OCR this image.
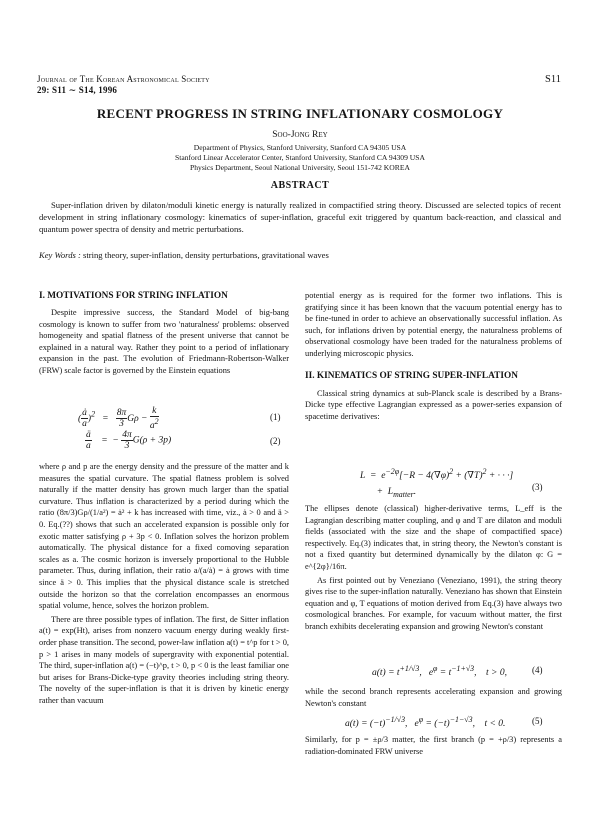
Journal of The Korean Astronomical Society
29: S11 ∼ S14, 1996
S11
RECENT PROGRESS IN STRING INFLATIONARY COSMOLOGY
Soo-Jong Rey
Department of Physics, Stanford University, Stanford CA 94305 USA
Stanford Linear Accelerator Center, Stanford University, Stanford CA 94309 USA
Physics Department, Seoul National University, Seoul 151-742 KOREA
ABSTRACT
Super-inflation driven by dilaton/moduli kinetic energy is naturally realized in compactified string theory. Discussed are selected topics of recent development in string inflationary cosmology: kinematics of super-inflation, graceful exit triggered by quantum back-reaction, and classical and quantum power spectra of density and metric perturbations.
Key Words : string theory, super-inflation, density perturbations, gravitational waves
I. MOTIVATIONS FOR STRING INFLATION

Despite impressive success, the Standard Model of big-bang cosmology is known to suffer from two 'naturalness' problems: observed homogeneity and spatial flatness of the present universe that cannot be explained in a natural way. Rather they point to a period of inflationary expansion in the past. The evolution of Friedmann-Robertson-Walker (FRW) scale factor is governed by the Einstein equations

( $\frac{ȧ}{a} )^2 = \frac{8\pi}{3}$ $G\rho - \frac{k}{a^2}$	(1)
$\frac{ä}{a}$ =  − $\frac{4\pi}{3} G(\rho + 3p)$	(2)

where ρ and p are the energy density and the pressure of the matter and k measures the spatial curvature. The spatial flatness problem is solved naturally if the matter density has grown much larger than the spatial curvature. Thus inflation is characterized by a period during which the ratio (8π/3)Gρ/(1/a²) = ȧ² + k has increased with time, viz., ȧ > 0 and ä > 0. Eq.(??) shows that such an accelerated expansion is possible only for exotic matter satisfying ρ + 3p < 0. Inflation solves the horizon problem automatically. The physical distance for a fixed comoving separation scales as a. The cosmic horizon is inversely proportional to the Hubble parameter. Thus, during inflation, their ratio a/(a/ȧ) = ȧ grows with time since ä > 0. This implies that the physical distance scale is stretched outside the horizon so that the correlation encompasses an enormous spatial volume, hence, solves the horizon problem.

There are three possible types of inflation. The first, de Sitter inflation a(t) = exp(Ht), arises from nonzero vacuum energy during weakly first-order phase transition. The second, power-law inflation a(t) = t^p for t > 0, p > 1 arises in many models of supergravity with exponential potential. The third, super-inflation a(t) = (−t)^p, t > 0, p < 0 is the least familiar one but arises for Brans-Dicke-type gravity theories including string theory. The novelty of the super-inflation is that it is driven by kinetic energy rather than vacuum

potential energy as is required for the former two inflations. This is gratifying since it has been known that the vacuum potential energy has to be fine-tuned in order to achieve an observationally successful inflation. As such, for inflations driven by potential energy, the naturalness problems of observational cosmology have been traded for the naturalness problems of underlying microscopic physics.

II. KINEMATICS OF STRING SUPER-INFLATION

Classical string dynamics at sub-Planck scale is described by a Brans-Dicke type effective Lagrangian expressed as a power-series expansion of spacetime derivatives:

$L = e^{-2\varphi}[-R - 4(\nabla\varphi)^2 + (\nabla T)^2$ + · · ·]
+  $L_{matter}$.
(3)

The ellipses denote (classical) higher-derivative terms, L_eff is the Lagrangian describing matter coupling, and φ and T are dilaton and moduli fields (associated with the size and the shape of compactified space) respectively. Eq.(3) indicates that, in string theory, the Newton's constant is not a fixed quantity but determined dynamically by the dilaton φ: G = e^{2φ}/16π.

As first pointed out by Veneziano (Veneziano, 1991), the string theory gives rise to the super-inflation naturally. Veneziano has shown that Einstein equation and φ, T equations of motion derived from Eq.(3) have always two cosmological branches. For example, for vacuum without matter, the first branch exhibits decelerating expansion and growing Newton's constant

$a(t) = t^{+1/√3}$,   $e^\varphi = t^{-1+√3}$,    t > 0,	(4)

while the second branch represents accelerating expansion and growing Newton's constant

$a(t) = (-t)^{-1/√3}$,   $e^\varphi = (-t)^{-1-√3}$,    t < 0.	(5)

Similarly, for p = ±ρ/3 matter, the first branch (p = +ρ/3) represents a radiation-dominated FRW universe
